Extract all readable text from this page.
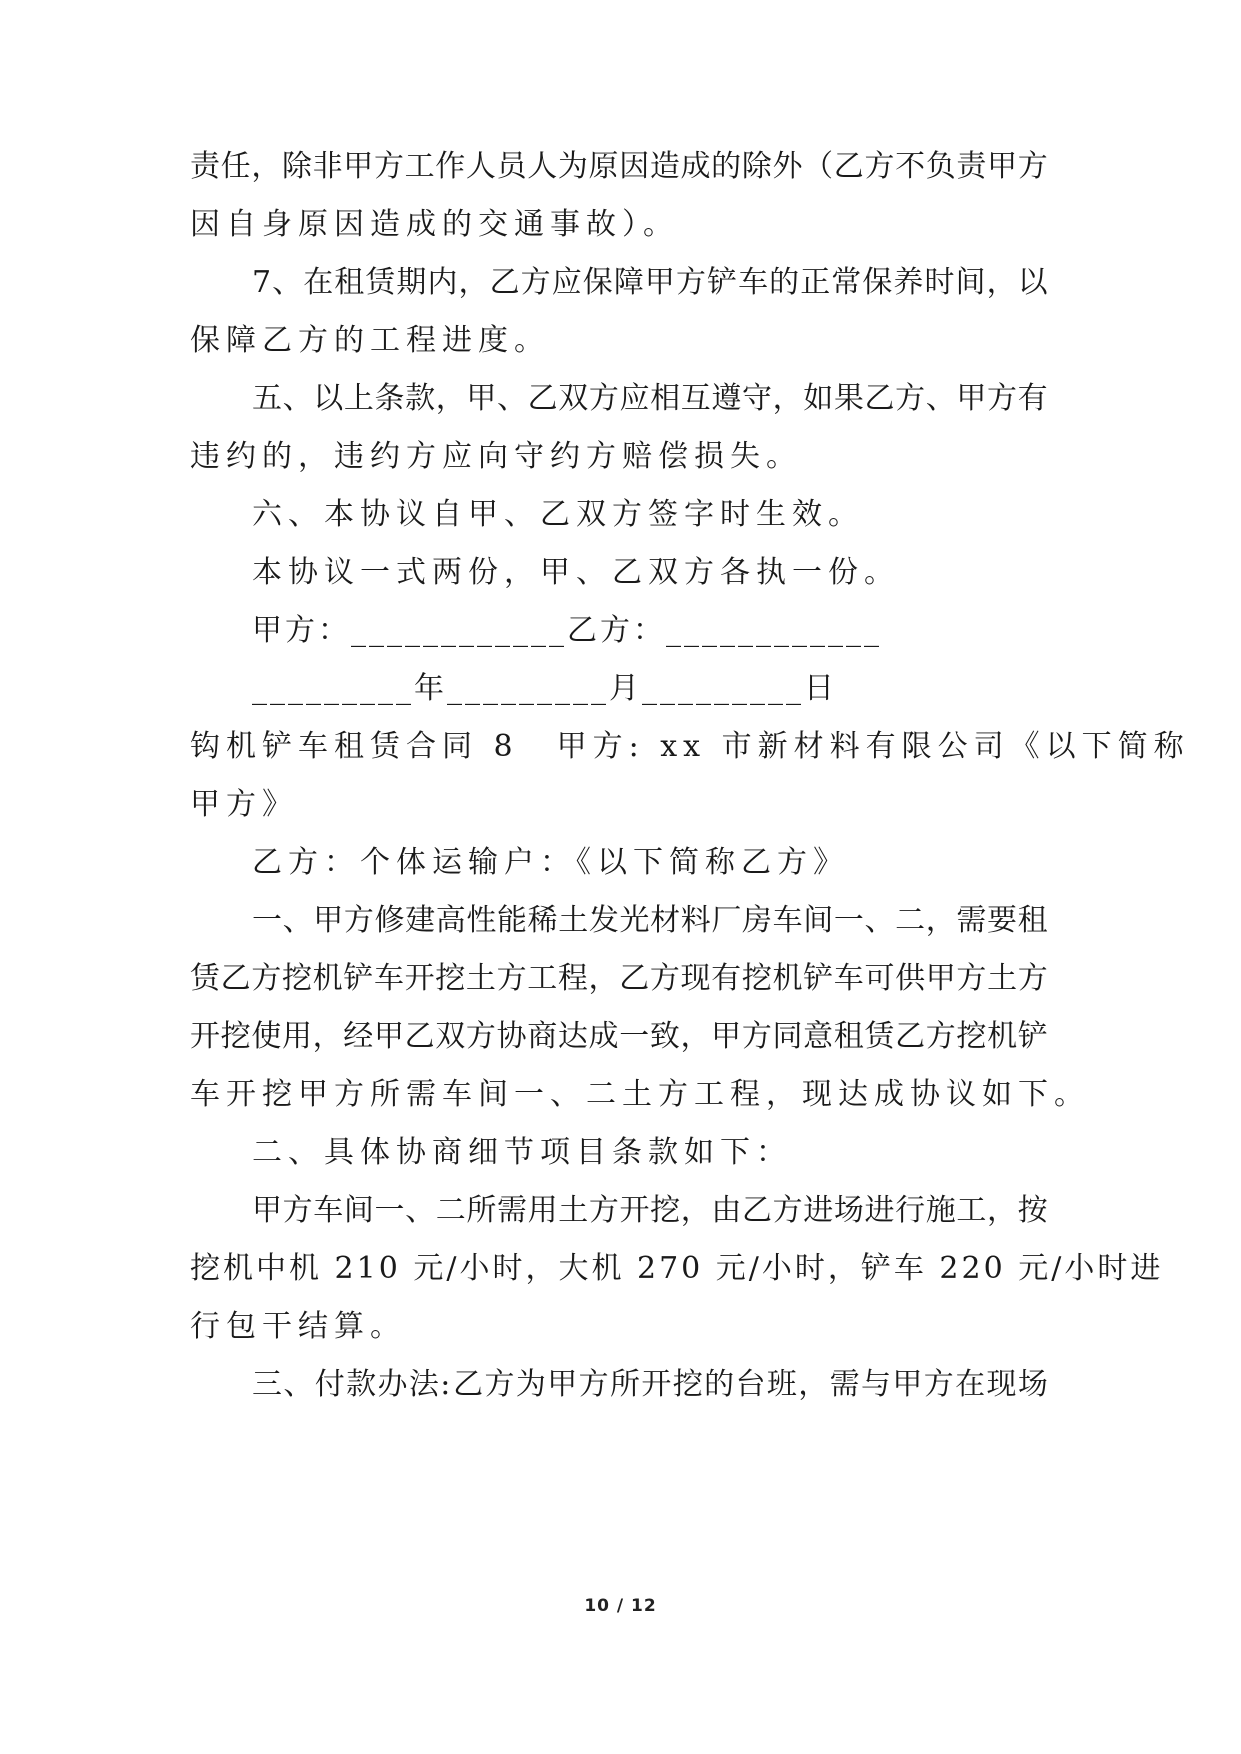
责 任 ， 除 非 甲 方 工 作 人 员 人 为 原 因 造 成 的 除 外 （ 乙 方 不 负 责 甲 方
因自身原因造成的交通事故）。
7 、 在 租 赁 期 内 ， 乙 方 应 保 障 甲 方 铲 车 的 正 常 保 养 时 间 ， 以
保障乙方的工程进度。
五 、 以 上 条 款 ， 甲 、 乙 双 方 应 相 互 遵 守 ， 如 果 乙 方 、 甲 方 有
违约的，违约方应向守约方赔偿损失。
六、本协议自甲、乙双方签字时生效。
本协议一式两份，甲、乙双方各执一份。
甲方：____________乙方：____________
_________年_________月_________日
钩机铲车租赁合同 8 甲方: xx 市新材料有限公司《以下简称
甲方》
乙方：个体运输户：《以下简称乙方》
一 、 甲 方 修 建 高 性 能 稀 土 发 光 材 料 厂 房 车 间 一 、 二 ， 需 要 租
赁 乙 方 挖 机 铲 车 开 挖 土 方 工 程 ， 乙 方 现 有 挖 机 铲 车 可 供 甲 方 土 方
开 挖 使 用 ， 经 甲 乙 双 方 协 商 达 成 一 致 ， 甲 方 同 意 租 赁 乙 方 挖 机 铲
车开挖甲方所需车间一、二土方工程，现达成协议如下。
二、具体协商细节项目条款如下：
甲 方 车 间 一 、 二 所 需 用 土 方 开 挖 ， 由 乙 方 进 场 进 行 施 工 ， 按
挖机中机 210 元/小时，大机 270 元/小时，铲车 220 元/小时进
行包干结算。
三 、 付 款 办 法 : 乙 方 为 甲 方 所 开 挖 的 台 班 ， 需 与 甲 方 在 现 场
10 / 12
